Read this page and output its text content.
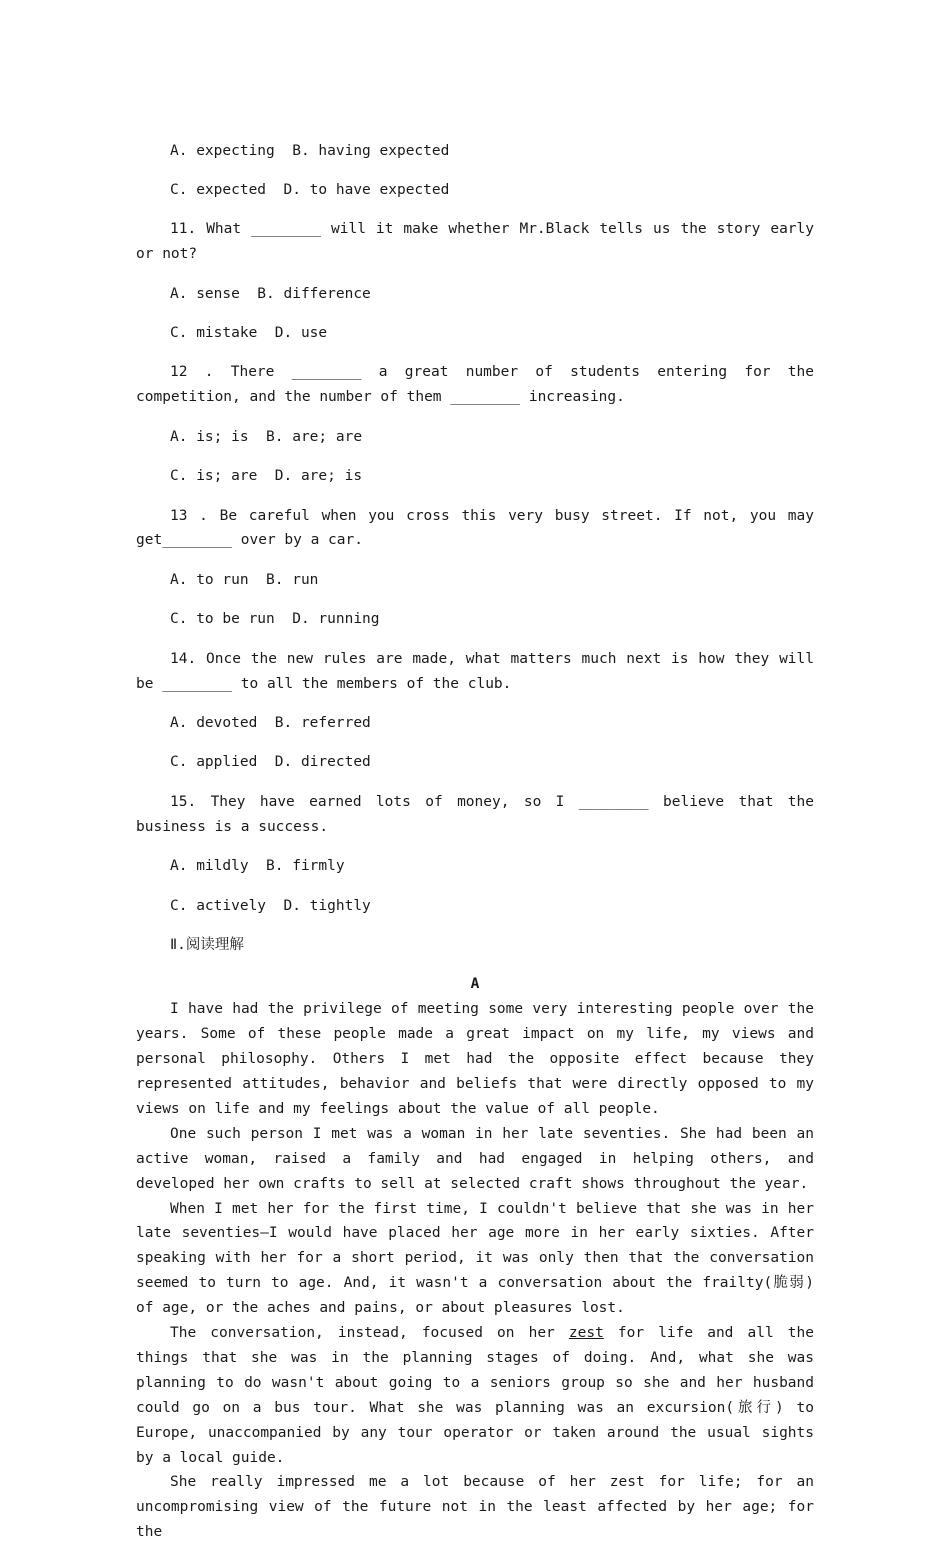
A. expecting  B. having expected

C. expected  D. to have expected

11. What ________ will it make whether Mr.Black tells us the story early or not?

A. sense  B. difference

C. mistake  D. use

12 . There ________ a great number of students entering for the competition, and the number of them ________ increasing.

A. is; is  B. are; are

C. is; are  D. are; is

13 . Be careful when you cross this very busy street. If not, you may get________ over by a car.

A. to run  B. run

C. to be run  D. running

14. Once the new rules are made, what matters much next is how they will be ________ to all the members of the club.

A. devoted  B. referred

C. applied  D. directed

15. They have earned lots of money, so I ________ believe that the business is a success.

A. mildly  B. firmly

C. actively  D. tightly

Ⅱ.阅读理解

A

I have had the privilege of meeting some very interesting people over the years. Some of these people made a great impact on my life, my views and personal philosophy. Others I met had the opposite effect because they represented attitudes, behavior and beliefs that were directly opposed to my views on life and my feelings about the value of all people.

One such person I met was a woman in her late seventies. She had been an active woman, raised a family and had engaged in helping others, and developed her own crafts to sell at selected craft shows throughout the year.

When I met her for the first time, I couldn't believe that she was in her late seventies—I would have placed her age more in her early sixties. After speaking with her for a short period, it was only then that the conversation seemed to turn to age. And, it wasn't a conversation about the frailty(脆弱) of age, or the aches and pains, or about pleasures lost.

The conversation, instead, focused on her zest for life and all the things that she was in the planning stages of doing. And, what she was planning to do wasn't about going to a seniors group so she and her husband could go on a bus tour. What she was planning was an excursion(旅行) to Europe, unaccompanied by any tour operator or taken around the usual sights by a local guide.

She really impressed me a lot because of her zest for life; for an uncompromising view of the future not in the least affected by her age; for the
